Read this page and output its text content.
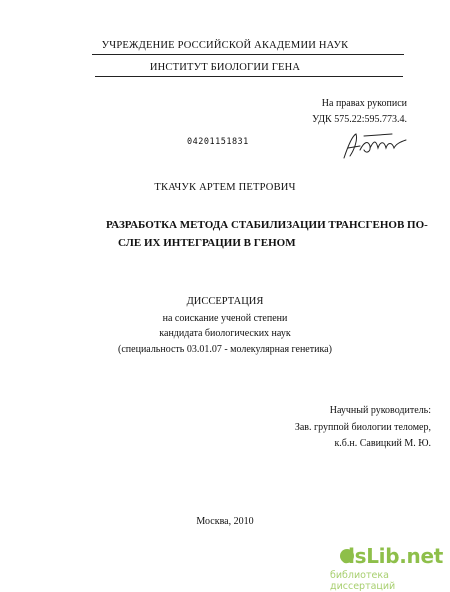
УЧРЕЖДЕНИЕ РОССИЙСКОЙ АКАДЕМИИ НАУК
ИНСТИТУТ БИОЛОГИИ ГЕНА
На правах рукописи
УДК 575.22:595.773.4.
04201151831
ТКАЧУК АРТЕМ ПЕТРОВИЧ
РАЗРАБОТКА МЕТОДА СТАБИЛИЗАЦИИ ТРАНСГЕНОВ ПО-
СЛЕ ИХ ИНТЕГРАЦИИ В ГЕНОМ
ДИССЕРТАЦИЯ
на соискание ученой степени
кандидата биологических наук
(специальность 03.01.07 - молекулярная генетика)
Научный руководитель:
Зав. группой биологии теломер,
к.б.н. Савицкий М. Ю.
Москва, 2010
dsLib.net
библиотека диссертаций
